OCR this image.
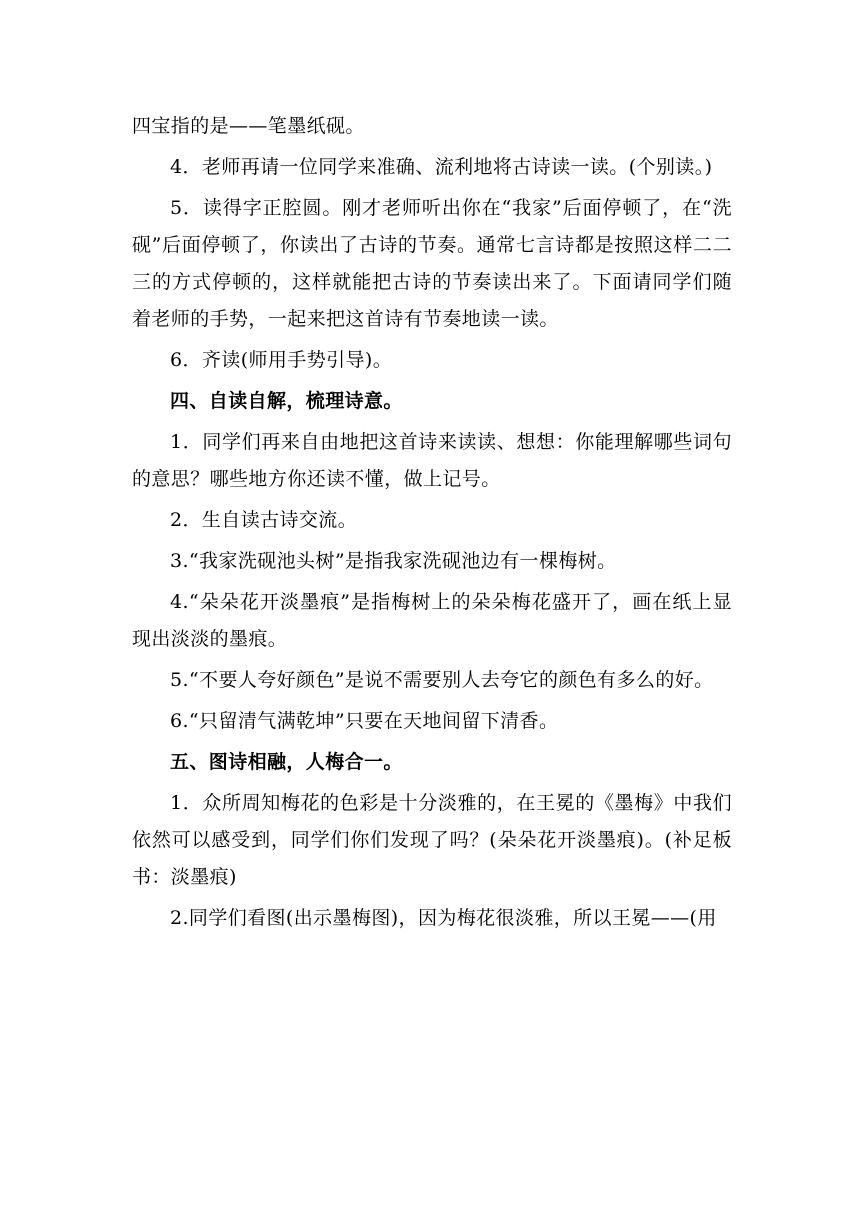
四宝指的是——笔墨纸砚。

4．老师再请一位同学来准确、流利地将古诗读一读。(个别读。)

5．读得字正腔圆。刚才老师听出你在“我家”后面停顿了，在“洗砚”后面停顿了，你读出了古诗的节奏。通常七言诗都是按照这样二二三的方式停顿的，这样就能把古诗的节奏读出来了。下面请同学们随着老师的手势，一起来把这首诗有节奏地读一读。

6．齐读(师用手势引导)。

四、自读自解，梳理诗意。

1．同学们再来自由地把这首诗来读读、想想：你能理解哪些词句的意思？哪些地方你还读不懂，做上记号。

2．生自读古诗交流。

3.“我家洗砚池头树”是指我家洗砚池边有一棵梅树。

4.“朵朵花开淡墨痕”是指梅树上的朵朵梅花盛开了，画在纸上显现出淡淡的墨痕。

5.“不要人夸好颜色”是说不需要别人去夸它的颜色有多么的好。

6.“只留清气满乾坤”只要在天地间留下清香。

五、图诗相融，人梅合一。

1．众所周知梅花的色彩是十分淡雅的，在王冕的《墨梅》中我们依然可以感受到，同学们你们发现了吗？(朵朵花开淡墨痕)。(补足板书：淡墨痕)

2.同学们看图(出示墨梅图)，因为梅花很淡雅，所以王冕——(用
